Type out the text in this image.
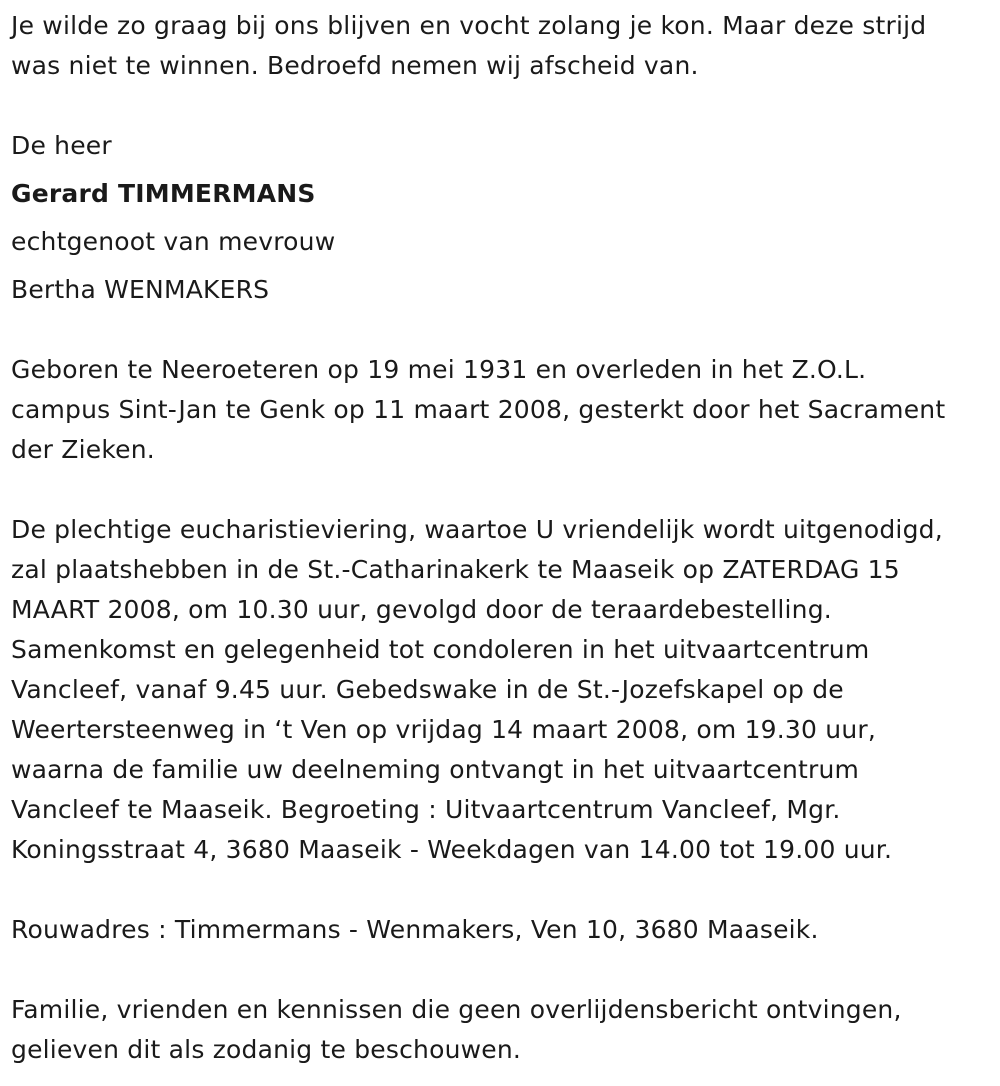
Je wilde zo graag bij ons blijven en vocht zolang je kon. Maar deze strijd
was niet te winnen. Bedroefd nemen wij afscheid van.
De heer
Gerard TIMMERMANS
echtgenoot van mevrouw
Bertha WENMAKERS
Geboren te Neeroeteren op 19 mei 1931 en overleden in het Z.O.L.
campus Sint-Jan te Genk op 11 maart 2008, gesterkt door het Sacrament
der Zieken.
De plechtige eucharistieviering, waartoe U vriendelijk wordt uitgenodigd,
zal plaatshebben in de St.-Catharinakerk te Maaseik op ZATERDAG 15
MAART 2008, om 10.30 uur, gevolgd door de teraardebestelling.
Samenkomst en gelegenheid tot condoleren in het uitvaartcentrum
Vancleef, vanaf 9.45 uur. Gebedswake in de St.-Jozefskapel op de
Weertersteenweg in ‘t Ven op vrijdag 14 maart 2008, om 19.30 uur,
waarna de familie uw deelneming ontvangt in het uitvaartcentrum
Vancleef te Maaseik. Begroeting : Uitvaartcentrum Vancleef, Mgr.
Koningsstraat 4, 3680 Maaseik - Weekdagen van 14.00 tot 19.00 uur.
Rouwadres : Timmermans - Wenmakers, Ven 10, 3680 Maaseik.
Familie, vrienden en kennissen die geen overlijdensbericht ontvingen,
gelieven dit als zodanig te beschouwen.
